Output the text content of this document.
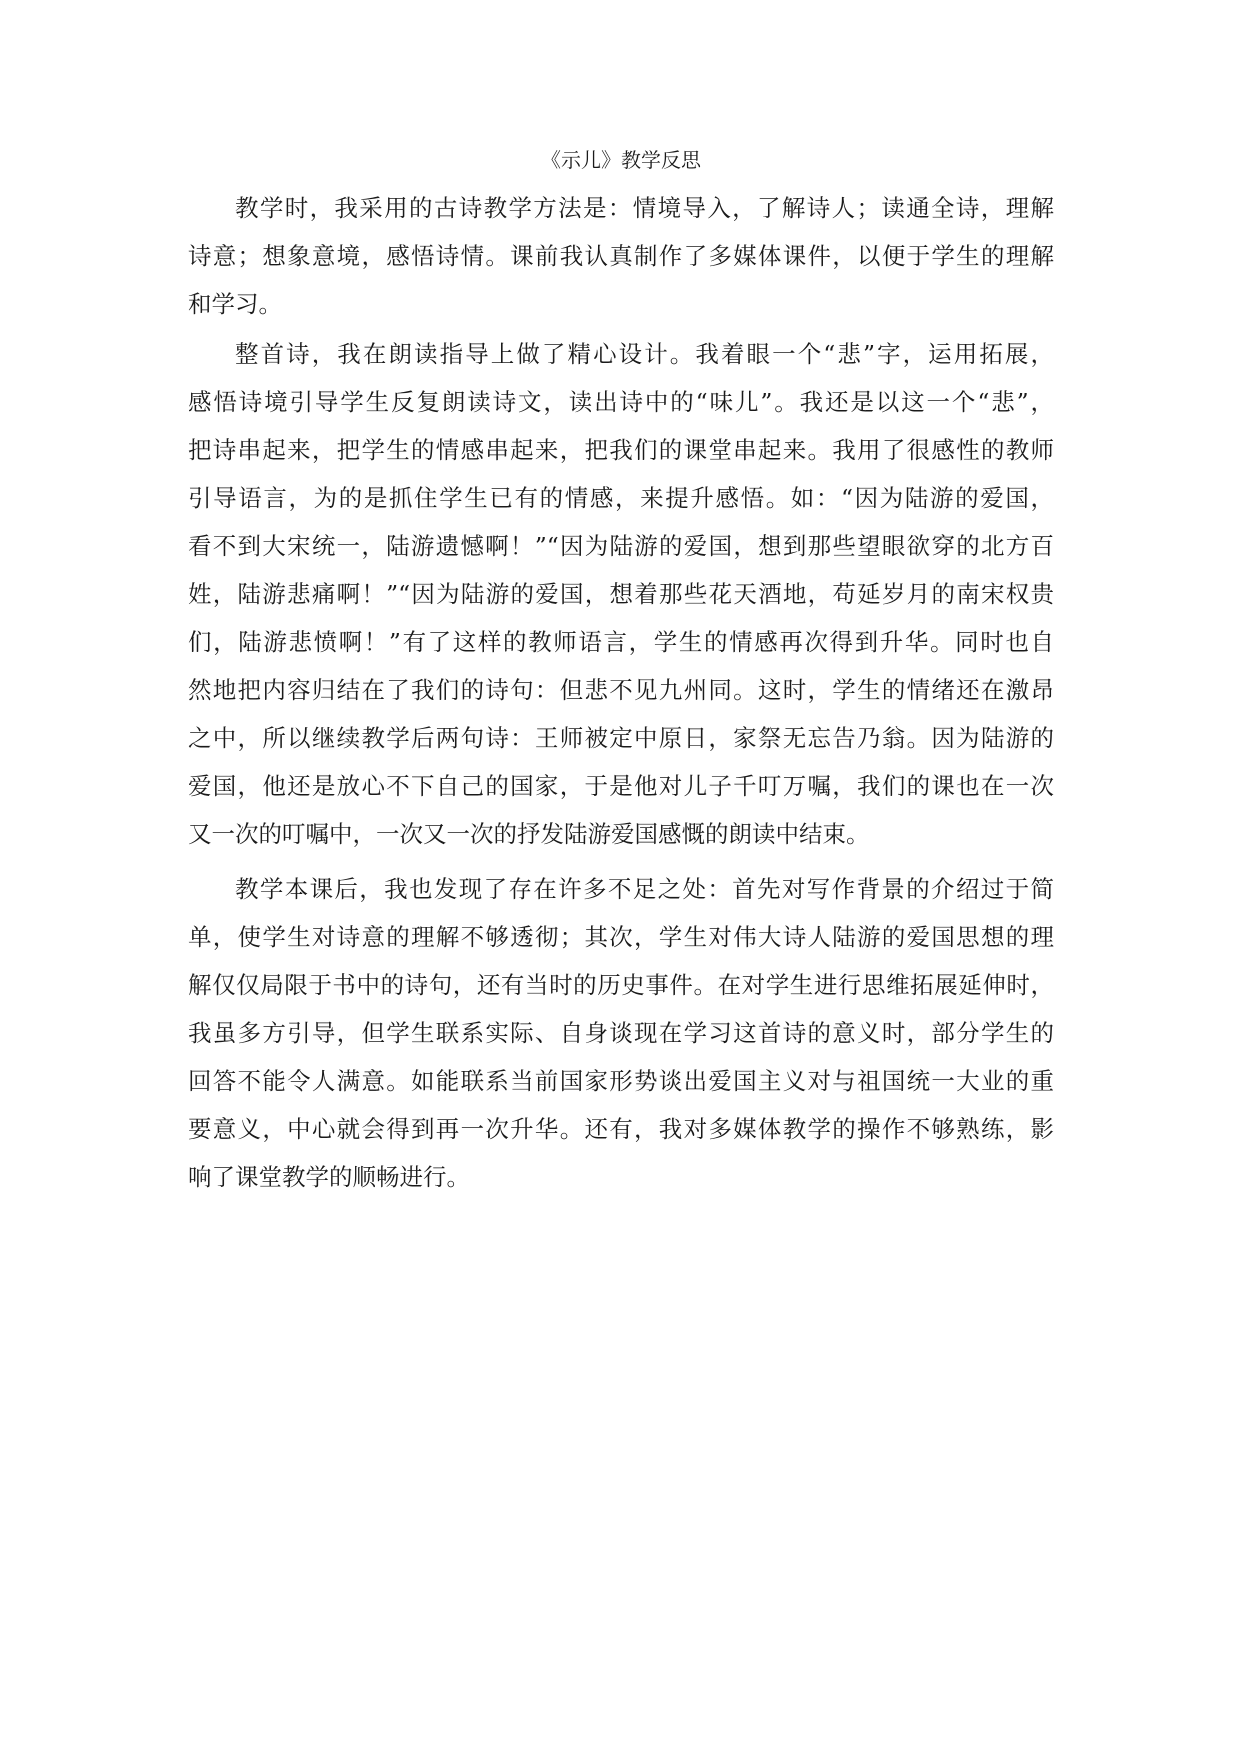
《示儿》教学反思
教学时，我采用的古诗教学方法是：情境导入，了解诗人；读通全诗，理解
诗意；想象意境，感悟诗情。课前我认真制作了多媒体课件，以便于学生的理解
和学习。
整首诗，我在朗读指导上做了精心设计。我着眼一个“悲”字，运用拓展，
感悟诗境引导学生反复朗读诗文，读出诗中的“味儿”。我还是以这一个“悲”，
把诗串起来，把学生的情感串起来，把我们的课堂串起来。我用了很感性的教师
引导语言，为的是抓住学生已有的情感，来提升感悟。如：“因为陆游的爱国，
看不到大宋统一，陆游遗憾啊！”“因为陆游的爱国，想到那些望眼欲穿的北方百
姓，陆游悲痛啊！”“因为陆游的爱国，想着那些花天酒地，苟延岁月的南宋权贵
们，陆游悲愤啊！”有了这样的教师语言，学生的情感再次得到升华。同时也自
然地把内容归结在了我们的诗句：但悲不见九州同。这时，学生的情绪还在激昂
之中，所以继续教学后两句诗：王师被定中原日，家祭无忘告乃翁。因为陆游的
爱国，他还是放心不下自己的国家，于是他对儿子千叮万嘱，我们的课也在一次
又一次的叮嘱中，一次又一次的抒发陆游爱国感慨的朗读中结束。
教学本课后，我也发现了存在许多不足之处：首先对写作背景的介绍过于简
单，使学生对诗意的理解不够透彻；其次，学生对伟大诗人陆游的爱国思想的理
解仅仅局限于书中的诗句，还有当时的历史事件。在对学生进行思维拓展延伸时，
我虽多方引导，但学生联系实际、自身谈现在学习这首诗的意义时，部分学生的
回答不能令人满意。如能联系当前国家形势谈出爱国主义对与祖国统一大业的重
要意义，中心就会得到再一次升华。还有，我对多媒体教学的操作不够熟练，影
响了课堂教学的顺畅进行。
